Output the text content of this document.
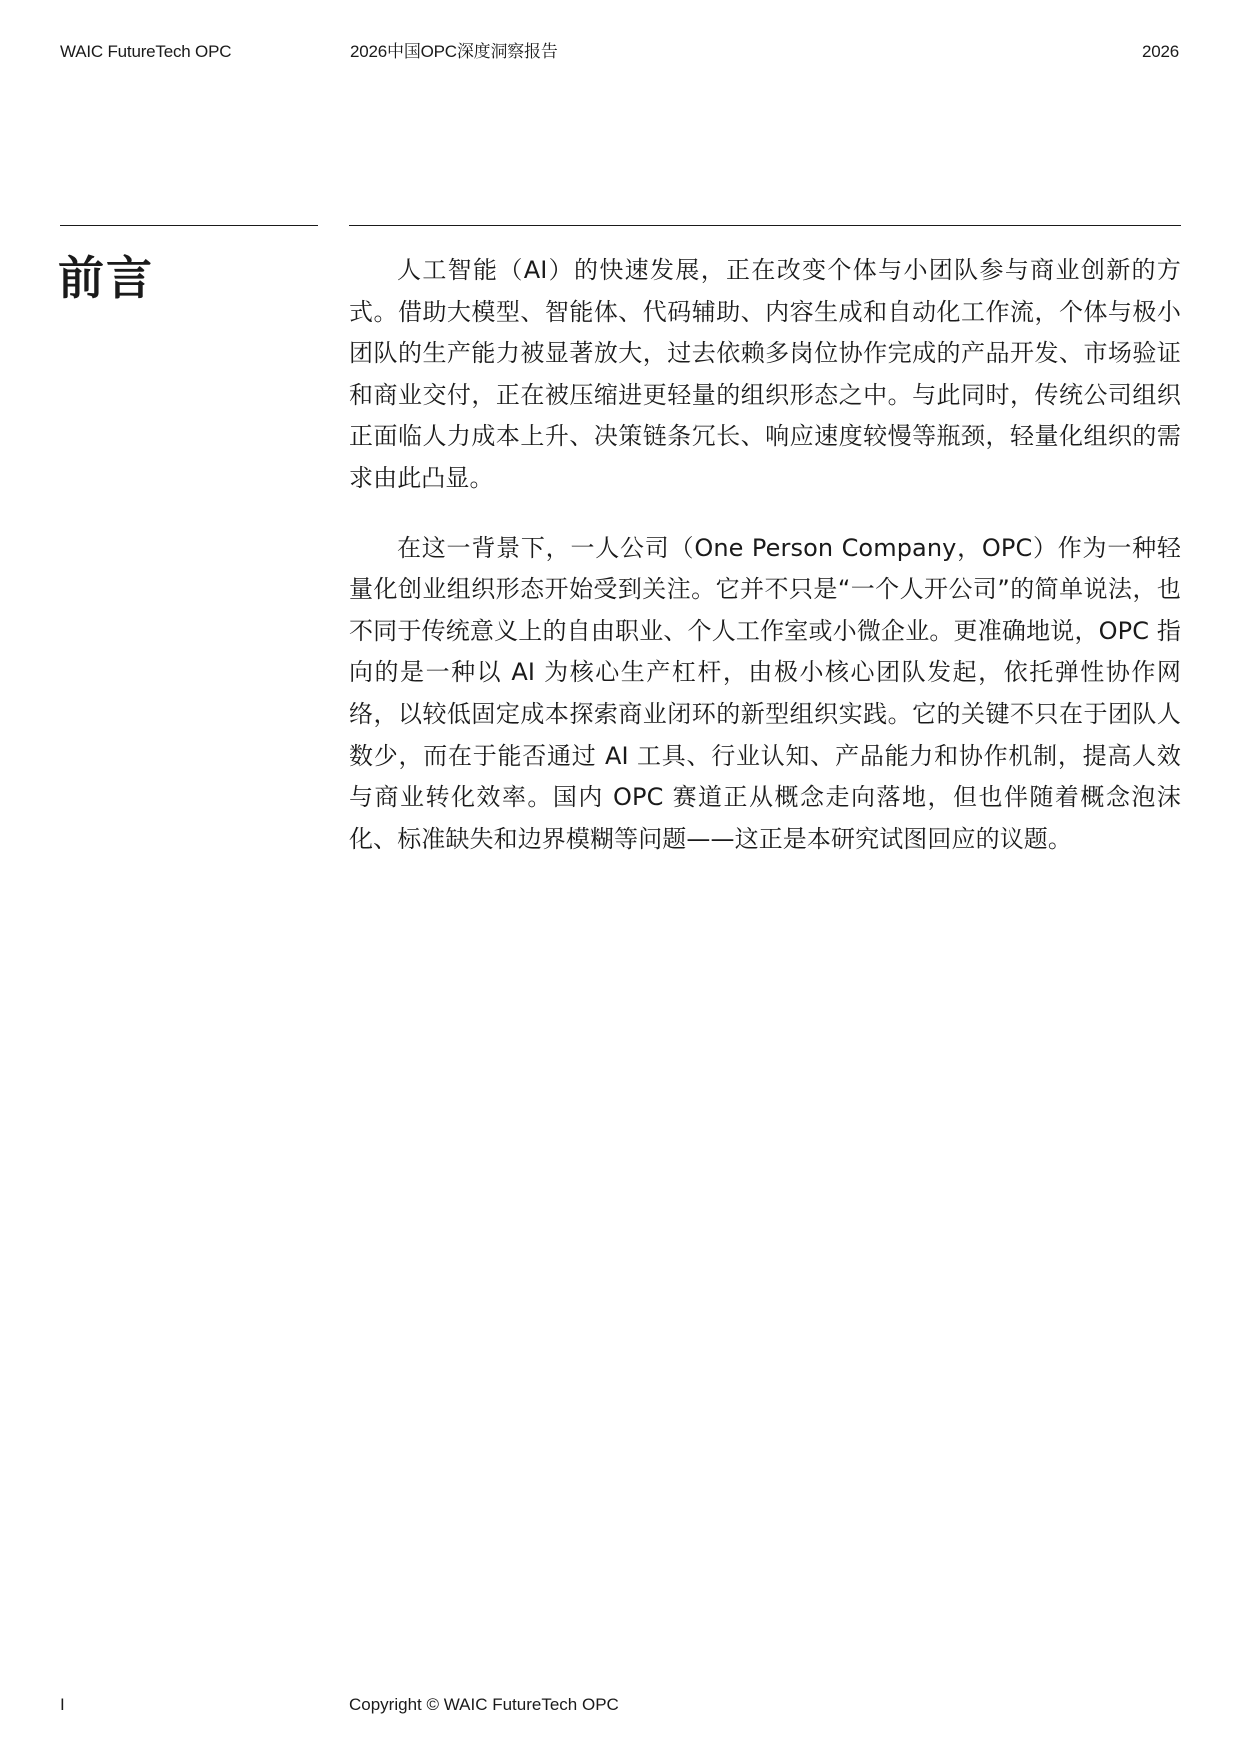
WAIC FutureTech OPC	2026中国OPC深度洞察报告	2026
前言	人工智能（AI）的快速发展，正在改变个体与小团队参与商业创新的方式。借助大模型、智能体、代码辅助、内容生成和自动化工作流，个体与极小团队的生产能力被显著放大，过去依赖多岗位协作完成的产品开发、市场验证和商业交付，正在被压缩进更轻量的组织形态之中。与此同时，传统公司组织正面临人力成本上升、决策链条冗长、响应速度较慢等瓶颈，轻量化组织的需求由此凸显。

在这一背景下，一人公司（One Person Company，OPC）作为一种轻量化创业组织形态开始受到关注。它并不只是“一个人开公司”的简单说法，也不同于传统意义上的自由职业、个人工作室或小微企业。更准确地说，OPC 指向的是一种以 AI 为核心生产杠杆，由极小核心团队发起，依托弹性协作网络，以较低固定成本探索商业闭环的新型组织实践。它的关键不只在于团队人数少，而在于能否通过 AI 工具、行业认知、产品能力和协作机制，提高人效与商业转化效率。国内 OPC 赛道正从概念走向落地，但也伴随着概念泡沫化、标准缺失和边界模糊等问题——这正是本研究试图回应的议题。

I	Copyright © WAIC FutureTech OPC
